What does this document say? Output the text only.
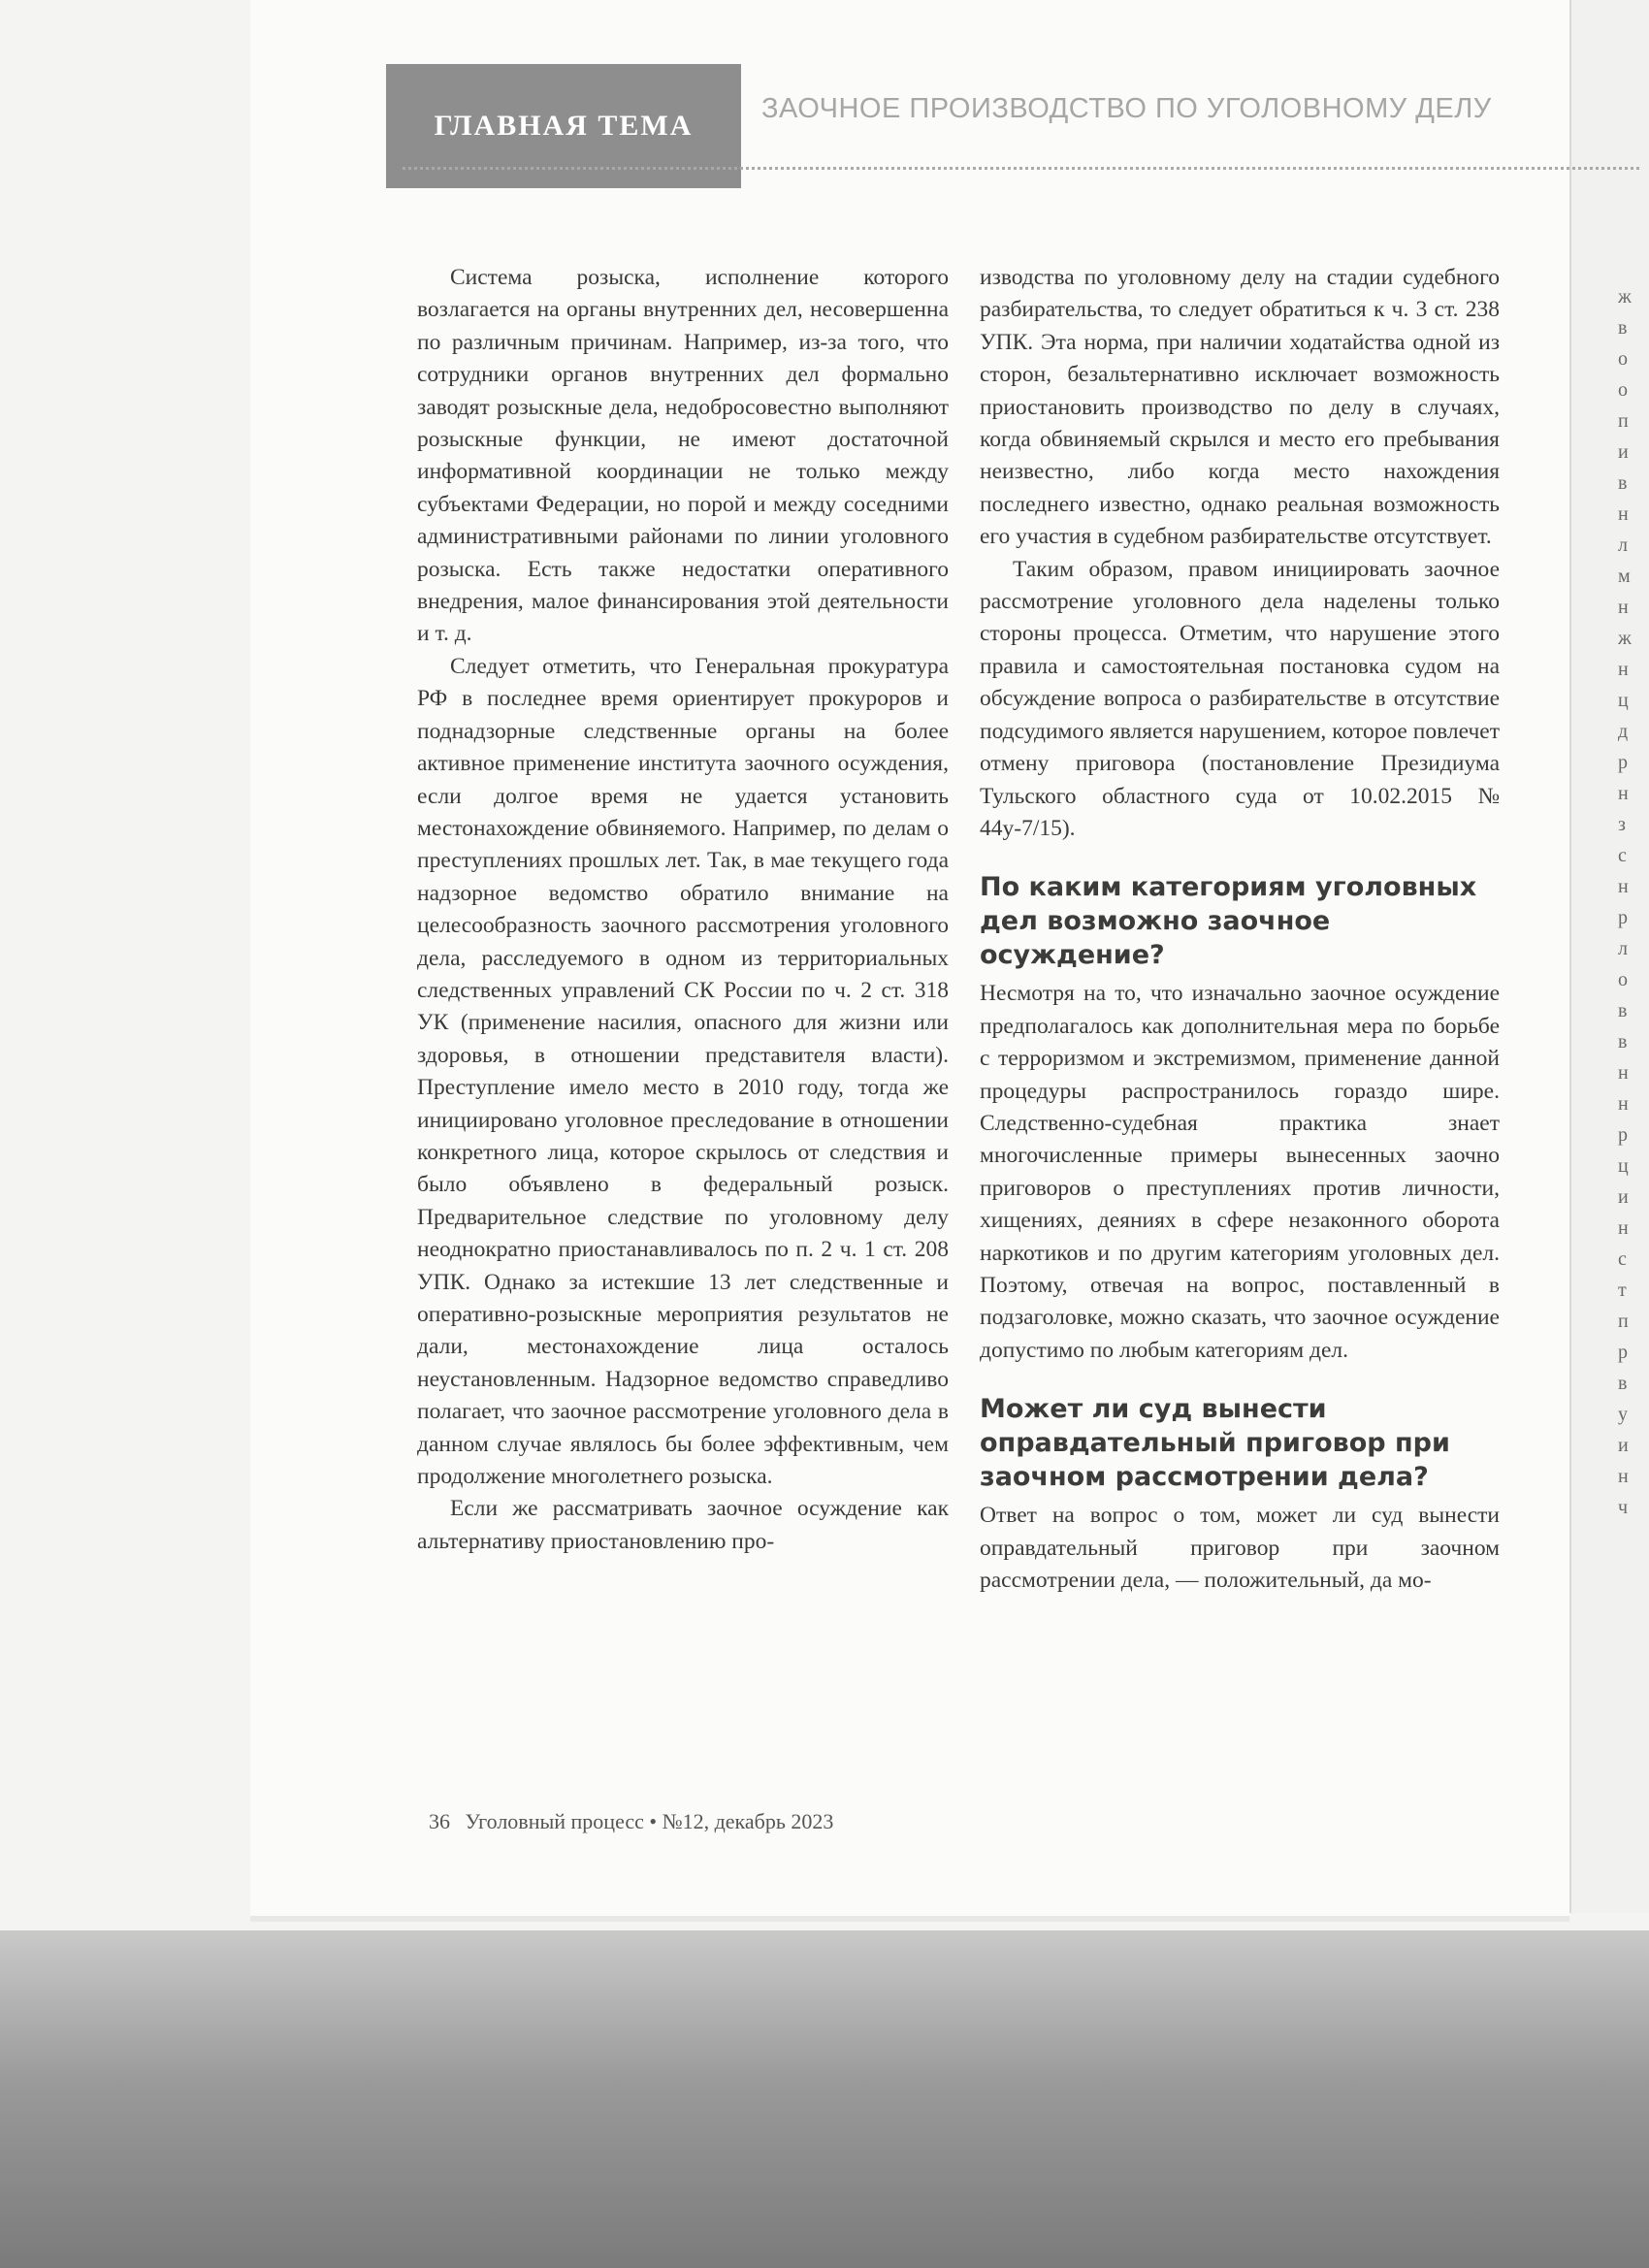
ГЛАВНАЯ ТЕМА
ЗАОЧНОЕ ПРОИЗВОДСТВО ПО УГОЛОВНОМУ ДЕЛУ

Система розыска, исполнение которого возлагается на органы внутренних дел, несовершенна по различным причинам. Например, из-за того, что сотрудники органов внутренних дел формально заводят розыскные дела, недобросовестно выполняют розыскные функции, не имеют достаточной информативной координации не только между субъектами Федерации, но порой и между соседними административными районами по линии уголовного розыска. Есть также недостатки оперативного внедрения, малое финансирования этой деятельности и т. д.

Следует отметить, что Генеральная прокуратура РФ в последнее время ориентирует прокуроров и поднадзорные следственные органы на более активное применение института заочного осуждения, если долгое время не удается установить местонахождение обвиняемого. Например, по делам о преступлениях прошлых лет. Так, в мае текущего года надзорное ведомство обратило внимание на целесообразность заочного рассмотрения уголовного дела, расследуемого в одном из территориальных следственных управлений СК России по ч. 2 ст. 318 УК (применение насилия, опасного для жизни или здоровья, в отношении представителя власти). Преступление имело место в 2010 году, тогда же инициировано уголовное преследование в отношении конкретного лица, которое скрылось от следствия и было объявлено в федеральный розыск. Предварительное следствие по уголовному делу неоднократно приостанавливалось по п. 2 ч. 1 ст. 208 УПК. Однако за истекшие 13 лет следственные и оперативно-розыскные мероприятия результатов не дали, местонахождение лица осталось неустановленным. Надзорное ведомство справедливо полагает, что заочное рассмотрение уголовного дела в данном случае являлось бы более эффективным, чем продолжение многолетнего розыска.

Если же рассматривать заочное осуждение как альтернативу приостановлению про-

изводства по уголовному делу на стадии судебного разбирательства, то следует обратиться к ч. 3 ст. 238 УПК. Эта норма, при наличии ходатайства одной из сторон, безальтернативно исключает возможность приостановить производство по делу в случаях, когда обвиняемый скрылся и место его пребывания неизвестно, либо когда место нахождения последнего известно, однако реальная возможность его участия в судебном разбирательстве отсутствует.

Таким образом, правом инициировать заочное рассмотрение уголовного дела наделены только стороны процесса. Отметим, что нарушение этого правила и самостоятельная постановка судом на обсуждение вопроса о разбирательстве в отсутствие подсудимого является нарушением, которое повлечет отмену приговора (постановление Президиума Тульского областного суда от 10.02.2015 № 44у-7/15).

По каким категориям уголовных дел возможно заочное осуждение?

Несмотря на то, что изначально заочное осуждение предполагалось как дополнительная мера по борьбе с терроризмом и экстремизмом, применение данной процедуры распространилось гораздо шире. Следственно-судебная практика знает многочисленные примеры вынесенных заочно приговоров о преступлениях против личности, хищениях, деяниях в сфере незаконного оборота наркотиков и по другим категориям уголовных дел. Поэтому, отвечая на вопрос, поставленный в подзаголовке, можно сказать, что заочное осуждение допустимо по любым категориям дел.

Может ли суд вынести оправдательный приговор при заочном рассмотрении дела?

Ответ на вопрос о том, может ли суд вынести оправдательный приговор при заочном рассмотрении дела, — положительный, да мо-

36 Уголовный процесс • №12, декабрь 2023
ж
в
о
о
п
и
в
н
л
м
н
ж
н
ц
д
р
н
з
с
н
р
л
о
в
в
н
н
р
ц
и
н
с
т
п
р
в
у
и
н
ч
